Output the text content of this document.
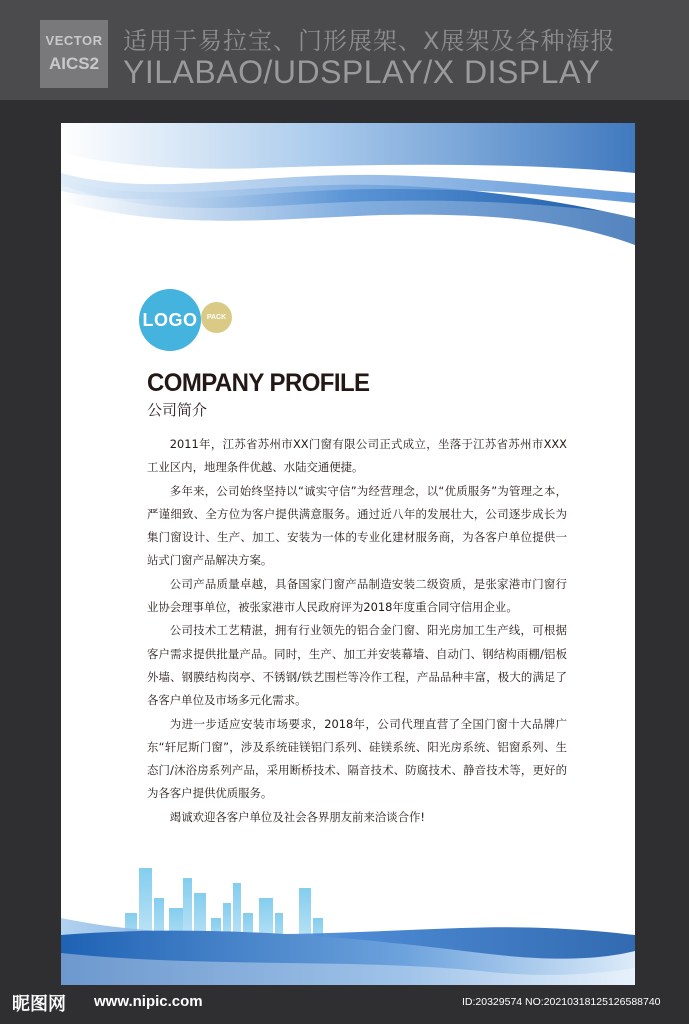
VECTOR
AICS2
适用于易拉宝、门形展架、X展架及各种海报
YILABAO/UDSPLAY/X DISPLAY
LOGO	PACK
COMPANY PROFILE
公司简介

2011年，江苏省苏州市XX门窗有限公司正式成立，坐落于江苏省苏州市XXX工业区内，地理条件优越、水陆交通便捷。

多年来，公司始终坚持以“诚实守信”为经营理念，以“优质服务”为管理之本，严谨细致、全方位为客户提供满意服务。通过近八年的发展壮大，公司逐步成长为集门窗设计、生产、加工、安装为一体的专业化建材服务商，为各客户单位提供一站式门窗产品解决方案。

公司产品质量卓越，具备国家门窗产品制造安装二级资质，是张家港市门窗行业协会理事单位，被张家港市人民政府评为2018年度重合同守信用企业。

公司技术工艺精湛，拥有行业领先的铝合金门窗、阳光房加工生产线，可根据客户需求提供批量产品。同时，生产、加工并安装幕墙、自动门、钢结构雨棚/铝板外墙、钢膜结构岗亭、不锈钢/铁艺围栏等冷作工程，产品品种丰富，极大的满足了各客户单位及市场多元化需求。

为进一步适应安装市场要求，2018年，公司代理直营了全国门窗十大品牌广东“轩尼斯门窗”，涉及系统硅镁铝门系列、硅镁系统、阳光房系统、铝窗系列、生态门/沐浴房系列产品，采用断桥技术、隔音技术、防腐技术、静音技术等，更好的为各客户提供优质服务。

竭诚欢迎各客户单位及社会各界朋友前来洽谈合作!

昵图网 www.nipic.com	ID:20329574 NO:20210318125126588740
